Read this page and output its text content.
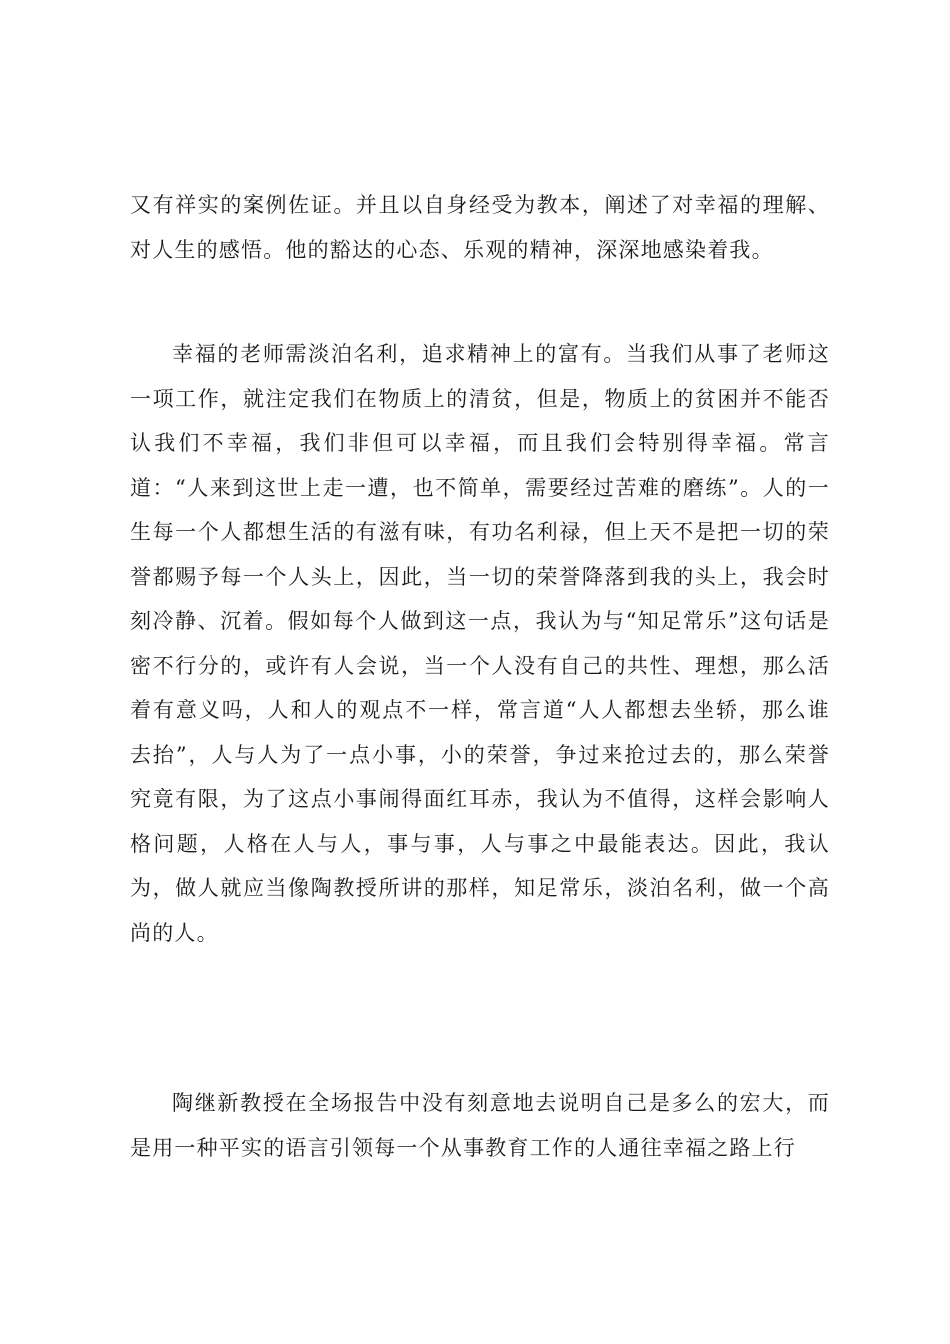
又有祥实的案例佐证。并且以自身经受为教本，阐述了对幸福的理解、对人生的感悟。他的豁达的心态、乐观的精神，深深地感染着我。

幸福的老师需淡泊名利，追求精神上的富有。当我们从事了老师这一项工作，就注定我们在物质上的清贫，但是，物质上的贫困并不能否认我们不幸福，我们非但可以幸福，而且我们会特别得幸福。常言道：“人来到这世上走一遭，也不简单，需要经过苦难的磨练”。人的一生每一个人都想生活的有滋有味，有功名利禄，但上天不是把一切的荣誉都赐予每一个人头上，因此，当一切的荣誉降落到我的头上，我会时刻冷静、沉着。假如每个人做到这一点，我认为与“知足常乐”这句话是密不行分的，或许有人会说，当一个人没有自己的共性、理想，那么活着有意义吗，人和人的观点不一样，常言道“人人都想去坐轿，那么谁去抬”，人与人为了一点小事，小的荣誉，争过来抢过去的，那么荣誉究竟有限，为了这点小事闹得面红耳赤，我认为不值得，这样会影响人格问题，人格在人与人，事与事，人与事之中最能表达。因此，我认为，做人就应当像陶教授所讲的那样，知足常乐，淡泊名利，做一个高尚的人。

陶继新教授在全场报告中没有刻意地去说明自己是多么的宏大，而是用一种平实的语言引领每一个从事教育工作的人通往幸福之路上行
